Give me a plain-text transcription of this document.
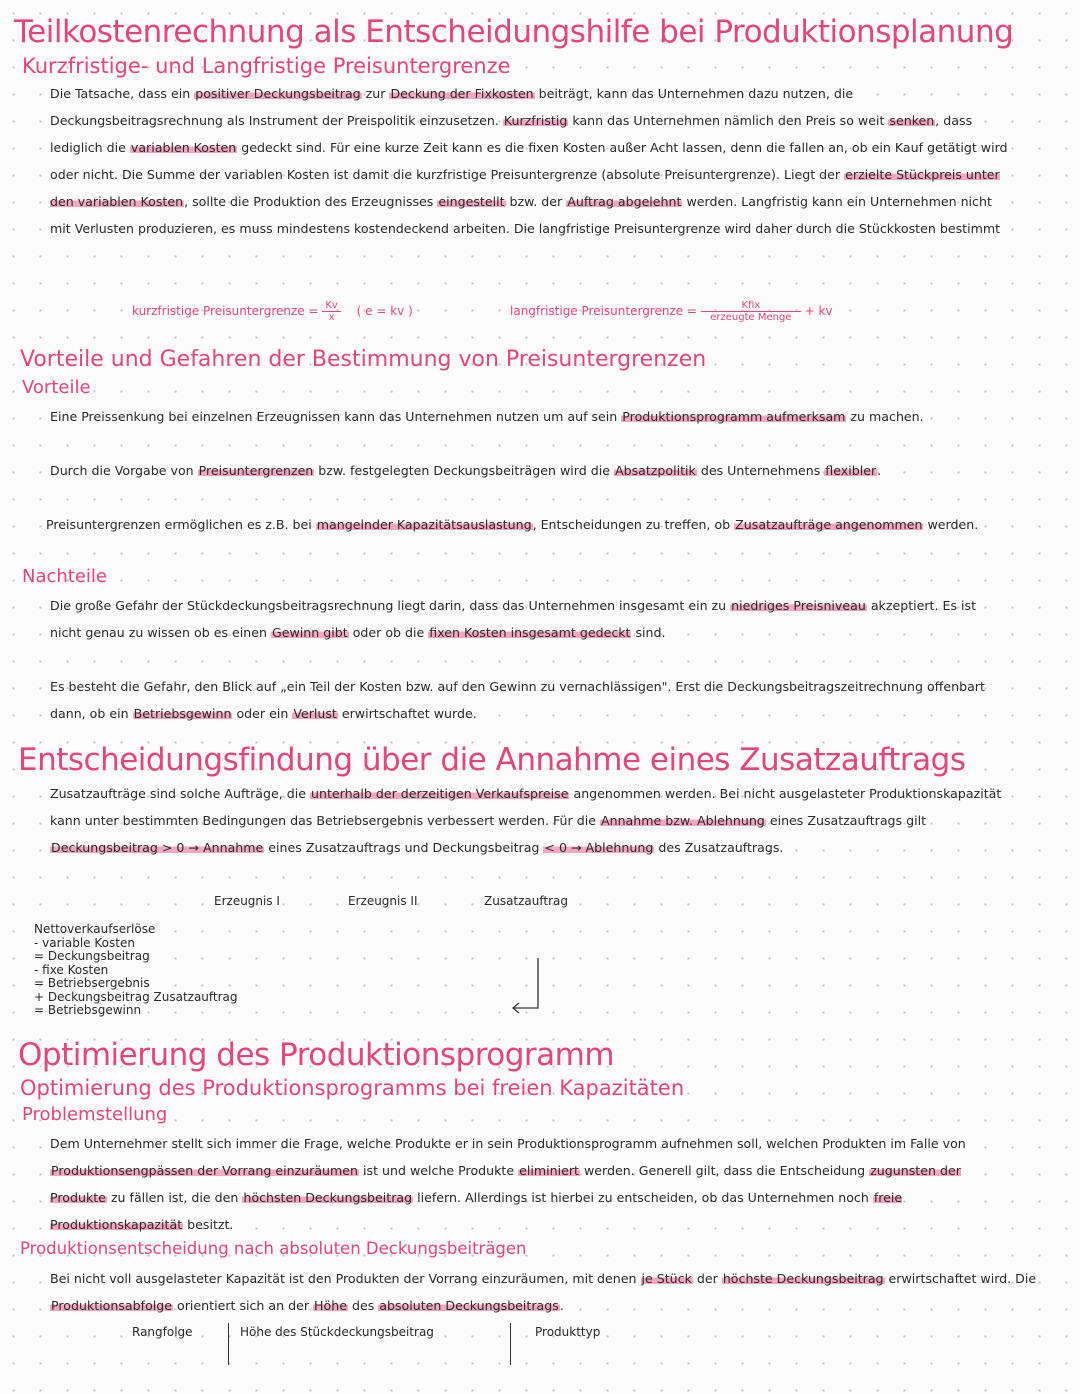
Teilkostenrechnung als Entscheidungshilfe bei Produktionsplanung
Kurzfristige- und Langfristige Preisuntergrenze
Die Tatsache, dass ein positiver Deckungsbeitrag zur Deckung der Fixkosten beiträgt, kann das Unternehmen dazu nutzen, die Deckungsbeitragsrechnung als Instrument der Preispolitik einzusetzen. Kurzfristig kann das Unternehmen nämlich den Preis so weit senken, dass lediglich die variablen Kosten gedeckt sind. Für eine kurze Zeit kann es die fixen Kosten außer Acht lassen, denn die fallen an, ob ein Kauf getätigt wird oder nicht. Die Summe der variablen Kosten ist damit die kurzfristige Preisuntergrenze (absolute Preisuntergrenze). Liegt der erzielte Stückpreis unter den variablen Kosten, sollte die Produktion des Erzeugnisses eingestellt bzw. der Auftrag abgelehnt werden. Langfristig kann ein Unternehmen nicht mit Verlusten produzieren, es muss mindestens kostendeckend arbeiten. Die langfristige Preisuntergrenze wird daher durch die Stückkosten bestimmt
kurzfristige Preisuntergrenze = $\frac{Kv}{x}$ ( e = kv )	langfristige Preisuntergrenze = $\frac{\text{Kfix}}{\text{erzeugte Menge}}$ + kv
Vorteile und Gefahren der Bestimmung von Preisuntergrenzen
Vorteile
Eine Preissenkung bei einzelnen Erzeugnissen kann das Unternehmen nutzen um auf sein Produktionsprogramm aufmerksam zu machen.
Durch die Vorgabe von Preisuntergrenzen bzw. festgelegten Deckungsbeiträgen wird die Absatzpolitik des Unternehmens flexibler.
Preisuntergrenzen ermöglichen es z.B. bei mangelnder Kapazitätsauslastung, Entscheidungen zu treffen, ob Zusatzaufträge angenommen werden.
Nachteile
Die große Gefahr der Stückdeckungsbeitragsrechnung liegt darin, dass das Unternehmen insgesamt ein zu niedriges Preisniveau akzeptiert. Es ist nicht genau zu wissen ob es einen Gewinn gibt oder ob die fixen Kosten insgesamt gedeckt sind.
Es besteht die Gefahr, den Blick auf „ein Teil der Kosten bzw. auf den Gewinn zu vernachlässigen". Erst die Deckungsbeitragszeitrechnung offenbart dann, ob ein Betriebsgewinn oder ein Verlust erwirtschaftet wurde.
Entscheidungsfindung über die Annahme eines Zusatzauftrags
Zusatzaufträge sind solche Aufträge, die unterhalb der derzeitigen Verkaufspreise angenommen werden. Bei nicht ausgelasteter Produktionskapazität kann unter bestimmten Bedingungen das Betriebsergebnis verbessert werden. Für die Annahme bzw. Ablehnung eines Zusatzauftrags gilt Deckungsbeitrag > 0 → Annahme eines Zusatzauftrags und Deckungsbeitrag < 0 → Ablehnung des Zusatzauftrags.
Erzeugnis I	Erzeugnis II	Zusatzauftrag
Nettoverkaufserlöse
- variable Kosten
= Deckungsbeitrag
- fixe Kosten
= Betriebsergebnis
+ Deckungsbeitrag Zusatzauftrag
= Betriebsgewinn
Optimierung des Produktionsprogramm
Optimierung des Produktionsprogramms bei freien Kapazitäten
Problemstellung
Dem Unternehmer stellt sich immer die Frage, welche Produkte er in sein Produktionsprogramm aufnehmen soll, welchen Produkten im Falle von Produktionsengpässen der Vorrang einzuräumen ist und welche Produkte eliminiert werden. Generell gilt, dass die Entscheidung zugunsten der Produkte zu fällen ist, die den höchsten Deckungsbeitrag liefern. Allerdings ist hierbei zu entscheiden, ob das Unternehmen noch freie Produktionskapazität besitzt.
Produktionsentscheidung nach absoluten Deckungsbeiträgen
Bei nicht voll ausgelasteter Kapazität ist den Produkten der Vorrang einzuräumen, mit denen je Stück der höchste Deckungsbeitrag erwirtschaftet wird. Die Produktionsabfolge orientiert sich an der Höhe des absoluten Deckungsbeitrags.
Rangfolge	Höhe des Stückdeckungsbeitrag	Produkttyp
